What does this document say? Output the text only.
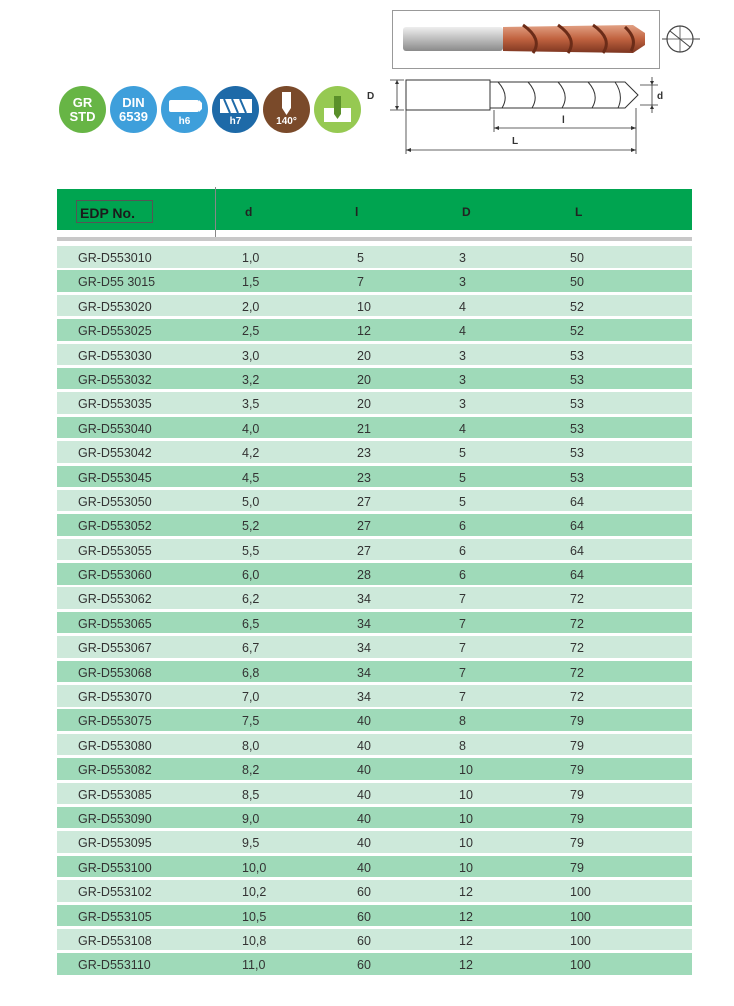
GR
STD
DIN
6539	h6	h7	140°
D	d
l
L
EDP No.	d	l	D	L
GR-D553010	1,0	5	3	50
GR-D55 3015	1,5	7	3	50
GR-D553020	2,0	10	4	52
GR-D553025	2,5	12	4	52
GR-D553030	3,0	20	3	53
GR-D553032	3,2	20	3	53
GR-D553035	3,5	20	3	53
GR-D553040	4,0	21	4	53
GR-D553042	4,2	23	5	53
GR-D553045	4,5	23	5	53
GR-D553050	5,0	27	5	64
GR-D553052	5,2	27	6	64
GR-D553055	5,5	27	6	64
GR-D553060	6,0	28	6	64
GR-D553062	6,2	34	7	72
GR-D553065	6,5	34	7	72
GR-D553067	6,7	34	7	72
GR-D553068	6,8	34	7	72
GR-D553070	7,0	34	7	72
GR-D553075	7,5	40	8	79
GR-D553080	8,0	40	8	79
GR-D553082	8,2	40	10	79
GR-D553085	8,5	40	10	79
GR-D553090	9,0	40	10	79
GR-D553095	9,5	40	10	79
GR-D553100	10,0	40	10	79
GR-D553102	10,2	60	12	100
GR-D553105	10,5	60	12	100
GR-D553108	10,8	60	12	100
GR-D553110	11,0	60	12	100
